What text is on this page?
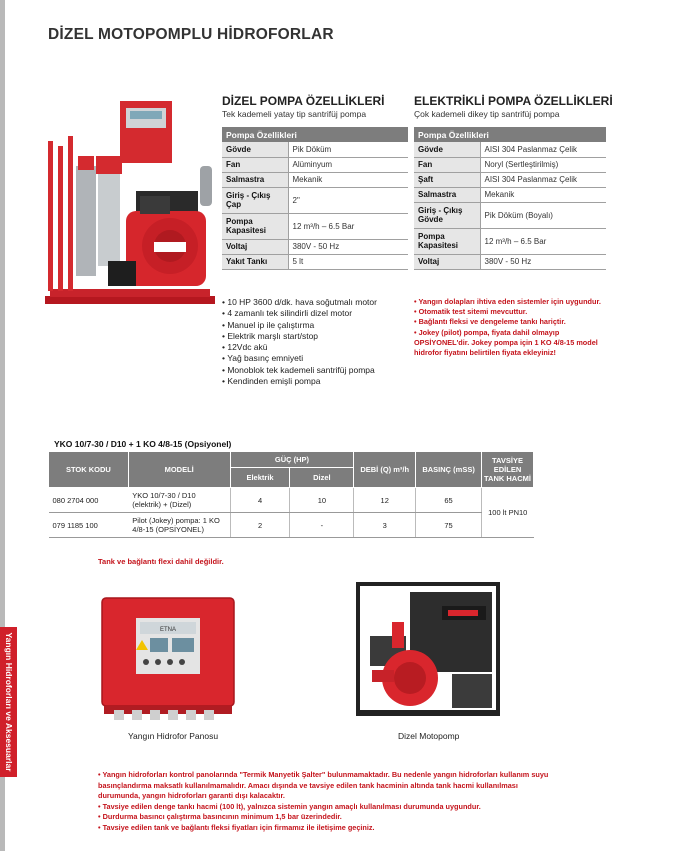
Yangın Hidroforları ve Aksesuarlar
DİZEL MOTOPOMPLU HİDROFORLAR
DİZEL POMPA ÖZELLİKLERİ
Tek kademeli yatay tip santrifüj pompa
Pompa Özellikleri	
Gövde	Pik Döküm
Fan	Alüminyum
Salmastra	Mekanik
Giriş - Çıkış Çap	2"
Pompa Kapasitesi	12 m³/h – 6.5 Bar
Voltaj	380V - 50 Hz
Yakıt Tankı	5 lt
• 10 HP 3600 d/dk. hava soğutmalı motor
• 4 zamanlı tek silindirli dizel motor
• Manuel ip ile çalıştırma
• Elektrik marşlı start/stop
• 12Vdc akü
• Yağ basınç emniyeti
• Monoblok tek kademeli santrifüj pompa
• Kendinden emişli pompa
ELEKTRİKLİ POMPA ÖZELLİKLERİ
Çok kademeli dikey tip santrifüj pompa
Pompa Özellikleri	
Gövde	AISI 304 Paslanmaz Çelik
Fan	Noryl (Sertleştirilmiş)
Şaft	AISI 304 Paslanmaz Çelik
Salmastra	Mekanik
Giriş - Çıkış Gövde	Pik Döküm (Boyalı)
Pompa Kapasitesi	12 m³/h – 6.5 Bar
Voltaj	380V - 50 Hz
• Yangın dolapları ihtiva eden sistemler için uygundur.
• Otomatik test sitemi mevcuttur.
• Bağlantı fleksi ve dengeleme tankı hariçtir.
• Jokey (pilot) pompa, fiyata dahil olmayıp OPSİYONEL'dir. Jokey pompa için 1 KO 4/8-15 model hidrofor fiyatını belirtilen fiyata ekleyiniz!
YKO 10/7-30 / D10 + 1 KO 4/8-15 (Opsiyonel)
STOK KODU	MODELİ	GÜÇ (HP)		DEBİ (Q) m³/h	BASINÇ (mSS)	TAVSİYE EDİLEN TANK HACMİ
		Elektrik	Dizel			
080 2704 000	YKO 10/7-30 / D10 (elektrik) + (Dizel)	4	10	12	65	100 lt PN10
079 1185 100	Pilot (Jokey) pompa: 1 KO 4/8-15 (OPSİYONEL)	2	-	3	75	
Tank ve bağlantı flexi dahil değildir.
ETNA
Yangın Hidrofor Panosu	Dizel Motopomp
• Yangın hidroforları kontrol panolarında "Termik Manyetik Şalter" bulunmamaktadır. Bu nedenle yangın hidroforları kullanım suyu basınçlandırma maksatlı kullanılmamalıdır. Amacı dışında ve tavsiye edilen tank hacminin altında tank hacmi kullanılması durumunda, yangın hidroforları garanti dışı kalacaktır.
• Tavsiye edilen denge tankı hacmi (100 lt), yalnızca sistemin yangın amaçlı kullanılması durumunda uygundur.
• Durdurma basıncı çalıştırma basıncının minimum 1,5 bar üzerindedir.
• Tavsiye edilen tank ve bağlantı fleksi fiyatları için firmamız ile iletişime geçiniz.
